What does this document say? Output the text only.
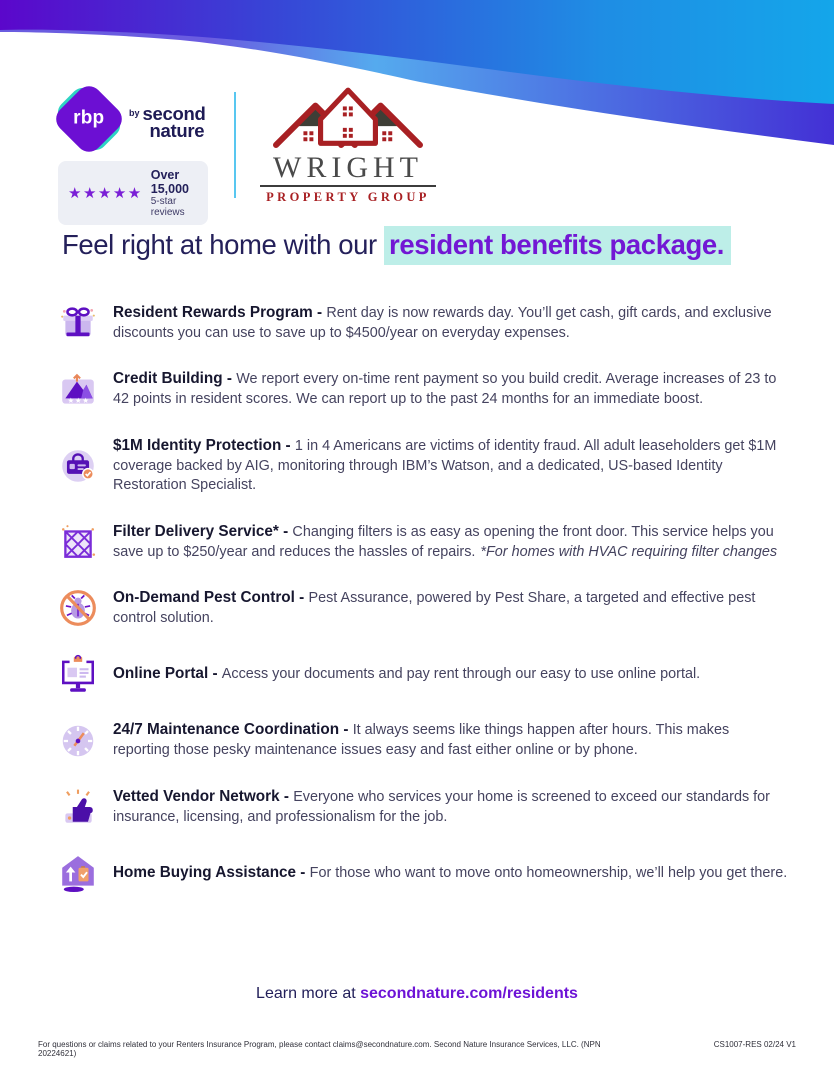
rbp	by second
nature
★★★★★
Over 15,000
5-star reviews
WRIGHT
PROPERTY GROUP
Feel right at home with our resident benefits package.

Resident Rewards Program - Rent day is now rewards day. You’ll get cash, gift cards, and exclusive discounts you can use to save up to $4500/year on everyday expenses.

★ ★ ★

Credit Building - We report every on-time rent payment so you build credit. Average increases of 23 to 42 points in resident scores. We can report up to the past 24 months for an immediate boost.

$1M Identity Protection - 1 in 4 Americans are victims of identity fraud. All adult leaseholders get $1M coverage backed by AIG, monitoring through IBM’s Watson, and a dedicated, US-based Identity Restoration Specialist.

Filter Delivery Service* - Changing filters is as easy as opening the front door. This service helps you save up to $250/year and reduces the hassles of repairs. *For homes with HVAC requiring filter changes

On-Demand Pest Control - Pest Assurance, powered by Pest Share, a targeted and effective pest control solution.

Online Portal - Access your documents and pay rent through our easy to use online portal.

24/7 Maintenance Coordination - It always seems like things happen after hours. This makes reporting those pesky maintenance issues easy and fast either online or by phone.

Vetted Vendor Network - Everyone who services your home is screened to exceed our standards for insurance, licensing, and professionalism for the job.

Home Buying Assistance - For those who want to move onto homeownership, we’ll help you get there.

Learn more at secondnature.com/residents
For questions or claims related to your Renters Insurance Program, please contact claims@secondnature.com. Second Nature Insurance Services, LLC. (NPN 20224621)
CS1007-RES 02/24 V1
